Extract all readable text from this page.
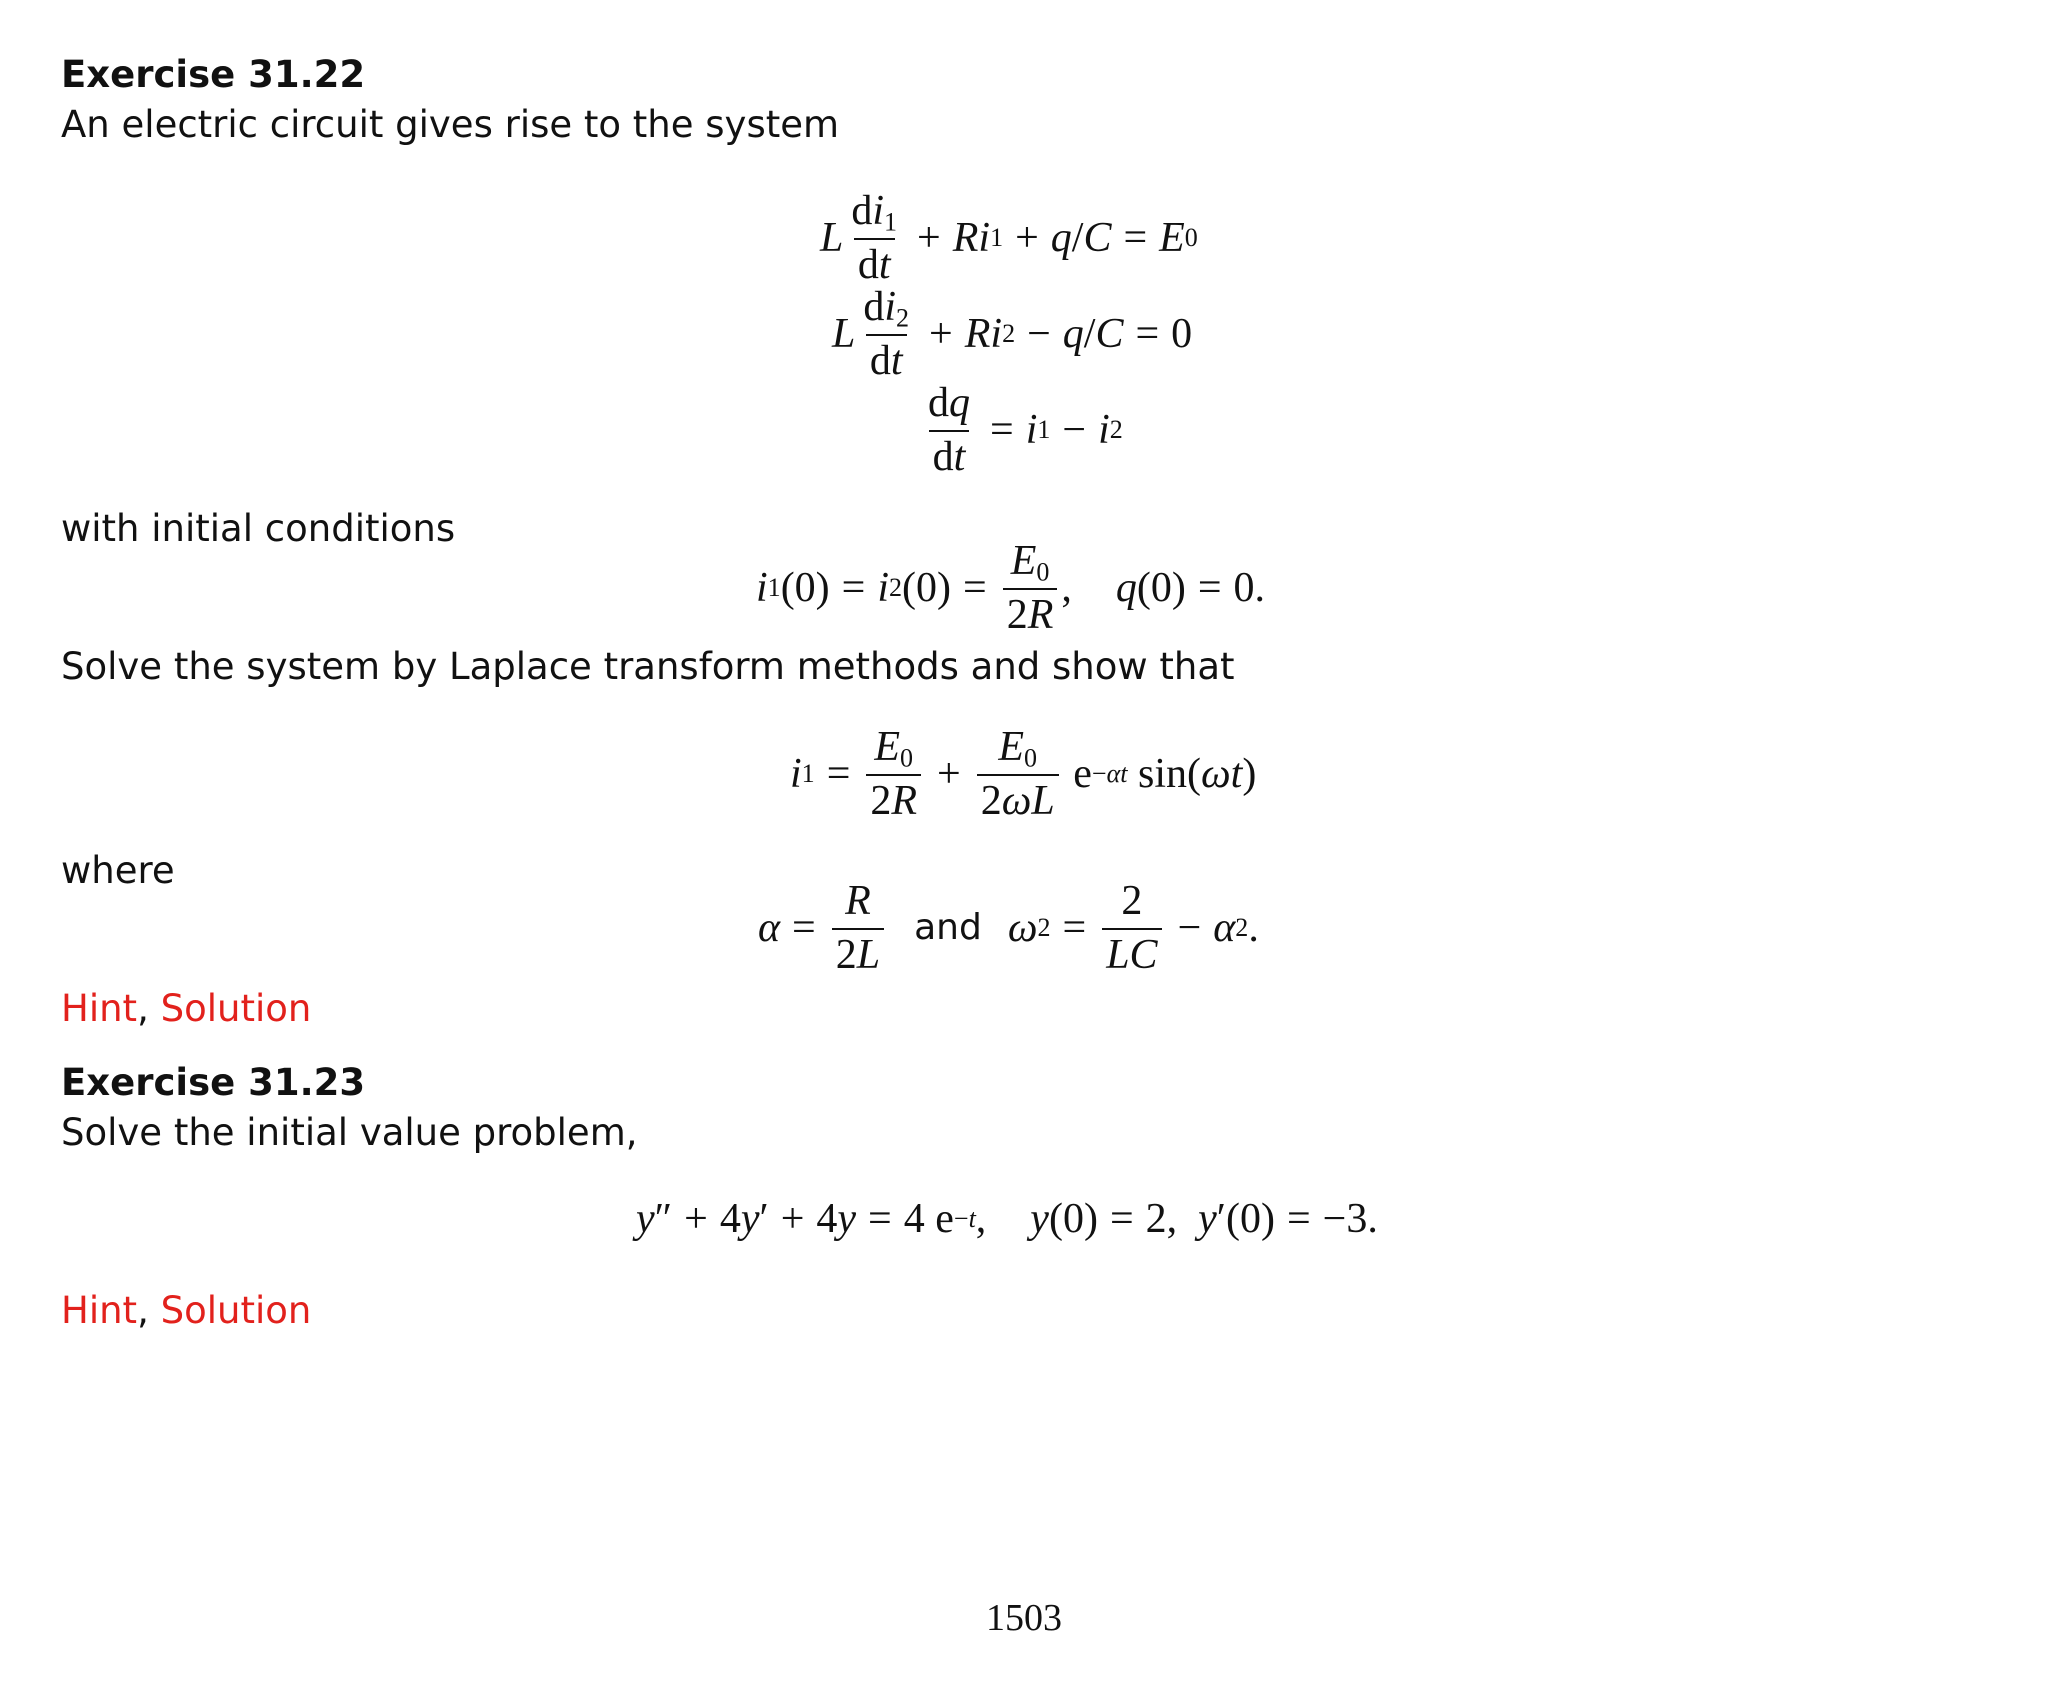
Exercise 31.22
An electric circuit gives rise to the system
L $\frac{di_1}{dt} + Ri$ 1 + q / C = E 0
L $\frac{di_2}{dt} + Ri$ 2 − q / C = 0
$\frac{dq}{dt} = i$ 1 − i 2
with initial conditions
i 1 (0) = i 2 $(0) = \frac{E_0}{2R}$ , q (0) = 0.
Solve the system by Laplace transform methods and show that
i $1 = \frac{E_0}{2R} + \frac{E_0}{2\omega L}$ e −αt sin( ωt )
where
$\alpha = \frac{R}{2L}$ and ω $2 = \frac{2}{LC} - \alpha$ 2 .
Hint, Solution
Exercise 31.23
Solve the initial value problem,
y ″ + 4 y ′ + 4 y = 4 e −t , y (0) = 2, y ′(0) = −3.
Hint, Solution
1503
